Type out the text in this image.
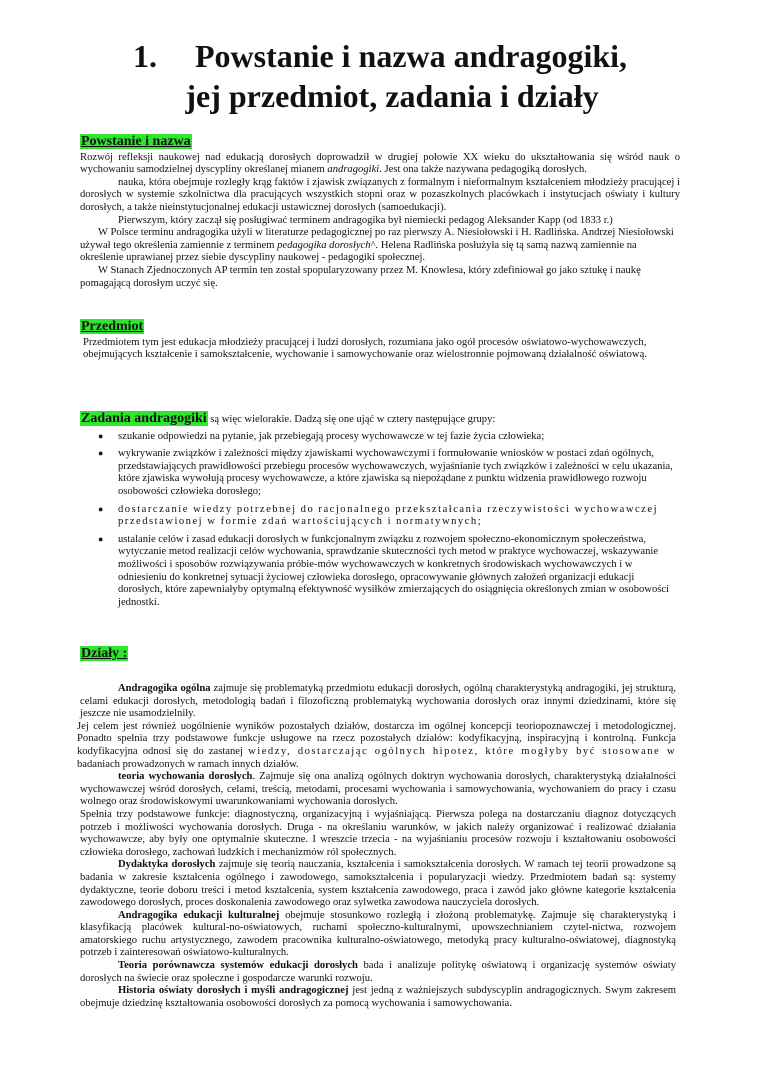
1. Powstanie i nazwa andragogiki,
jej przedmiot, zadania i działy
Powstanie i nazwa

Rozwój refleksji naukowej nad edukacją dorosłych doprowadził w drugiej połowie XX wieku do ukształtowania się wśród nauk o wychowaniu samodzielnej dyscypliny określanej mianem andragogiki. Jest ona także nazywana pedagogiką dorosłych.

nauka, która obejmuje rozległy krąg faktów i zjawisk związanych z formalnym i nieformalnym kształceniem młodzieży pracującej i dorosłych w systemie szkolnictwa dla pracujących wszystkich stopni oraz w pozaszkolnych placówkach i instytucjach oświaty i kultury dorosłych, a także nieinstytucjonalnej edukacji ustawicznej dorosłych (samoedukacji).

Pierwszym, który zaczął się posługiwać terminem andragogika był niemiecki pedagog Aleksander Kapp (od 1833 r.)

W Polsce terminu andragogika użyli w literaturze pedagogicznej po raz pierwszy A. Niesiołowski i H. Radlińska. Andrzej Niesiołowski używał tego określenia zamiennie z terminem pedagogika dorosłych^. Helena Radlińska posłużyła się tą samą nazwą zamiennie na określenie uprawianej przez siebie dyscypliny naukowej - pedagogiki społecznej.

W Stanach Zjednoczonych AP termin ten został spopularyzowany przez M. Knowlesa, który zdefiniował go jako sztukę i naukę pomagającą dorosłym uczyć się.

Przedmiot

Przedmiotem tym jest edukacja młodzieży pracującej i ludzi dorosłych, rozumiana jako ogół procesów oświatowo-wychowawczych, obejmujących kształcenie i samokształcenie, wychowanie i samowychowanie oraz wielostronnie pojmowaną działalność oświatową.

Zadania andragogiki są więc wielorakie. Dadzą się one ująć w cztery następujące grupy:

● szukanie odpowiedzi na pytanie, jak przebiegają procesy wychowawcze w tej fazie życia człowieka;
● wykrywanie związków i zależności między zjawiskami wychowawczymi i formułowanie wniosków w postaci zdań ogólnych, przedstawiających prawidłowości przebiegu procesów wychowawczych, wyjaśnianie tych związków i zależności w celu ukazania, które zjawiska wywołują procesy wychowawcze, a które zjawiska są niepożądane z punktu widzenia prawidłowego rozwoju osobowości człowieka dorosłego;
● dostarczanie wiedzy potrzebnej do racjonalnego przekształcania rzeczywistości wychowawczej przedstawionej w formie zdań wartościujących i normatywnych;
● ustalanie celów i zasad edukacji dorosłych w funkcjonalnym związku z rozwojem społeczno-ekonomicznym społeczeństwa, wytyczanie metod realizacji celów wychowania, sprawdzanie skuteczności tych metod w praktyce wychowaczej, wskazywanie możliwości i sposobów rozwiązywania próbie-mów wychowawczych w konkretnych środowiskach wychowawczych i w odniesieniu do konkretnej sytuacji życiowej człowieka dorosłego, opracowywanie głównych założeń organizacji edukacji dorosłych, które zapewniałyby optymalną efektywność wysiłków zmierzających do osiągnięcia określonych zmian w osobowości jednostki.
Działy :

Andragogika ogólna zajmuje się problematyką przedmiotu edukacji dorosłych, ogólną charakterystyką andragogiki, jej strukturą, celami edukacji dorosłych, metodologią badań i filozoficzną problematyką wychowania dorosłych oraz innymi dziedzinami, które się jeszcze nie usamodzielniły.

Jej celem jest również uogólnienie wyników pozostałych działów, dostarcza im ogólnej koncepcji teoriopoznawczej i metodologicznej. Ponadto spełnia trzy podstawowe funkcje usługowe na rzecz pozostałych działów: kodyfikacyjną, inspiracyjną i kontrolną. Funkcja kodyfikacyjna odnosi się do zastanej wiedzy, dostarczając ogólnych hipotez, które mogłyby być stosowane w badaniach prowadzonych w ramach innych działów.

teoria wychowania dorosłych. Zajmuje się ona analizą ogólnych doktryn wychowania dorosłych, charakterystyką działalności wychowawczej wśród dorosłych, celami, treścią, metodami, procesami wychowania i samowychowania, wychowaniem do pracy i czasu wolnego oraz środowiskowymi uwarunkowaniami wychowania dorosłych.

Spełnia trzy podstawowe funkcje: diagnostyczną, organizacyjną i wyjaśniającą. Pierwsza polega na dostarczaniu diagnoz dotyczących potrzeb i możliwości wychowania dorosłych. Druga - na określaniu warunków, w jakich należy organizować i realizować działania wychowawcze, aby były one optymalnie skuteczne. I wreszcie trzecia - na wyjaśnianiu procesów rozwoju i kształtowaniu osobowości człowieka dorosłego, zachowań ludzkich i mechanizmów ról społecznych.

Dydaktyka dorosłych zajmuje się teorią nauczania, kształcenia i samokształcenia dorosłych. W ramach tej teorii prowadzone są badania w zakresie kształcenia ogólnego i zawodowego, samokształcenia i popularyzacji wiedzy. Przedmiotem badań są: systemy dydaktyczne, teorie doboru treści i metod kształcenia, system kształcenia zawodowego, praca i zawód jako główne kategorie kształcenia zawodowego dorosłych, proces doskonalenia zawodowego oraz sylwetka zawodowa nauczyciela dorosłych.

Andragogika edukacji kulturalnej obejmuje stosunkowo rozległą i złożoną problematykę. Zajmuje się charakterystyką i klasyfikacją placówek kultural-no-oświatowych, ruchami społeczno-kulturalnymi, upowszechnianiem czytel-nictwa, rozwojem amatorskiego ruchu artystycznego, zawodem pracownika kulturalno-oświatowego, metodyką pracy kulturalno-oświatowej, diagnostyką potrzeb i zainteresowań oświatowo-kulturalnych.

Teoria porównawcza systemów edukacji dorosłych bada i analizuje politykę oświatową i organizację systemów oświaty dorosłych na świecie oraz społeczne i gospodarcze warunki rozwoju.

Historia oświaty dorosłych i myśli andragogicznej jest jedną z ważniejszych subdyscyplin andragogicznych. Swym zakresem obejmuje dziedzinę kształtowania osobowości dorosłych za pomocą wychowania i samowychowania.
